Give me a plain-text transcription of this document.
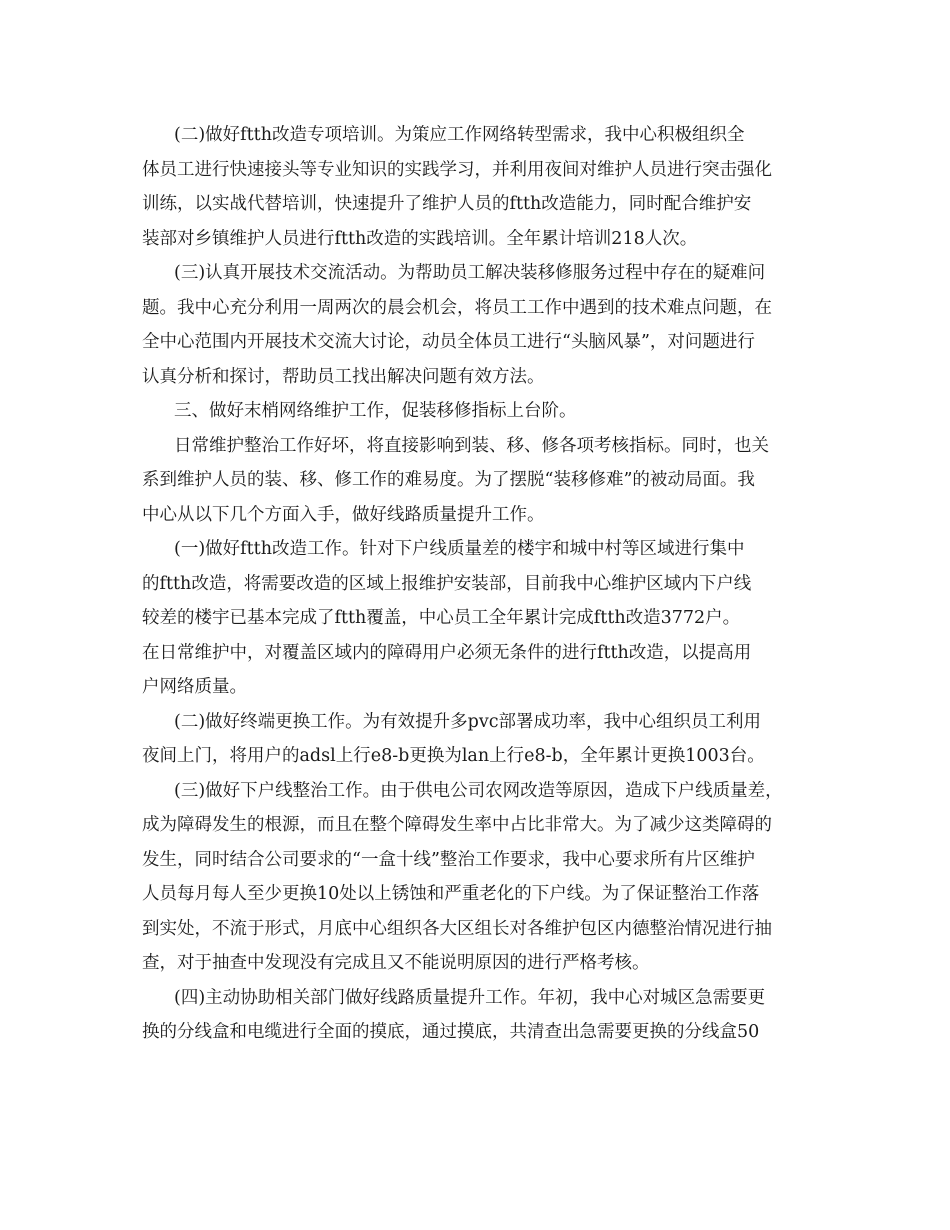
(二)做好ftth改造专项培训。为策应工作网络转型需求，我中心积极组织全
体员工进行快速接头等专业知识的实践学习，并利用夜间对维护人员进行突击强化
训练，以实战代替培训，快速提升了维护人员的ftth改造能力，同时配合维护安
装部对乡镇维护人员进行ftth改造的实践培训。全年累计培训218人次。
(三)认真开展技术交流活动。为帮助员工解决装移修服务过程中存在的疑难问
题。我中心充分利用一周两次的晨会机会，将员工工作中遇到的技术难点问题，在
全中心范围内开展技术交流大讨论，动员全体员工进行“头脑风暴”，对问题进行
认真分析和探讨，帮助员工找出解决问题有效方法。
三、做好末梢网络维护工作，促装移修指标上台阶。
日常维护整治工作好坏，将直接影响到装、移、修各项考核指标。同时，也关
系到维护人员的装、移、修工作的难易度。为了摆脱“装移修难”的被动局面。我
中心从以下几个方面入手，做好线路质量提升工作。
(一)做好ftth改造工作。针对下户线质量差的楼宇和城中村等区域进行集中
的ftth改造，将需要改造的区域上报维护安装部，目前我中心维护区域内下户线
较差的楼宇已基本完成了ftth覆盖，中心员工全年累计完成ftth改造3772户。
在日常维护中，对覆盖区域内的障碍用户必须无条件的进行ftth改造，以提高用
户网络质量。
(二)做好终端更换工作。为有效提升多pvc部署成功率，我中心组织员工利用
夜间上门，将用户的adsl上行e8-b更换为lan上行e8-b，全年累计更换1003台。
(三)做好下户线整治工作。由于供电公司农网改造等原因，造成下户线质量差，
成为障碍发生的根源，而且在整个障碍发生率中占比非常大。为了减少这类障碍的
发生，同时结合公司要求的“一盒十线”整治工作要求，我中心要求所有片区维护
人员每月每人至少更换10处以上锈蚀和严重老化的下户线。为了保证整治工作落
到实处，不流于形式，月底中心组织各大区组长对各维护包区内德整治情况进行抽
查，对于抽查中发现没有完成且又不能说明原因的进行严格考核。
(四)主动协助相关部门做好线路质量提升工作。年初，我中心对城区急需要更
换的分线盒和电缆进行全面的摸底，通过摸底，共清查出急需要更换的分线盒50
